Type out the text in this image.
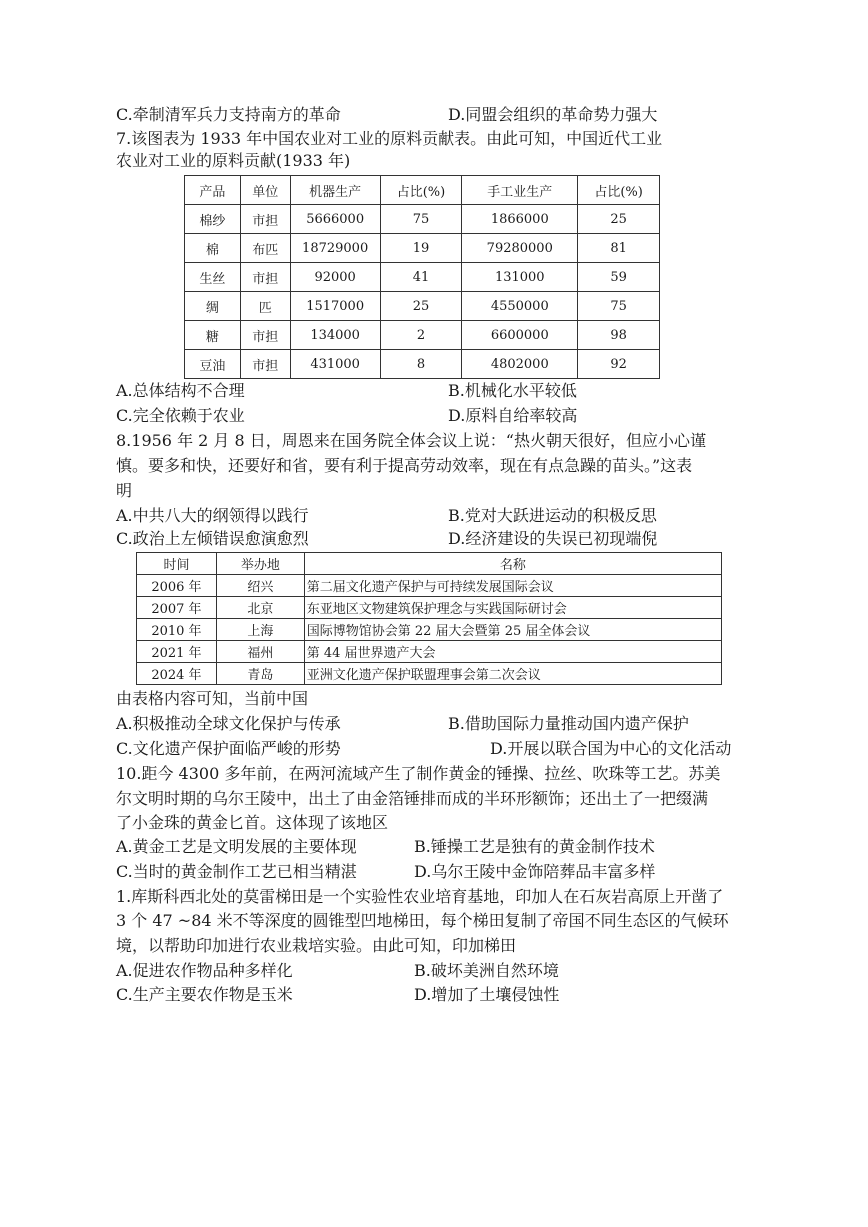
C.牵制清军兵力支持南方的革命	D.同盟会组织的革命势力强大
7.该图表为 1933 年中国农业对工业的原料贡献表。由此可知，中国近代工业农业对工业的原料贡献(1933 年)
产品	单位	机器生产	占比(%)	手工业生产	占比(%)
棉纱	市担	5666000	75	1866000	25
棉	布匹	18729000	19	79280000	81
生丝	市担	92000	41	131000	59
绸	匹	1517000	25	4550000	75
糖	市担	134000	2	6600000	98
豆油	市担	431000	8	4802000	92
A.总体结构不合理	B.机械化水平较低
C.完全依赖于农业	D.原料自给率较高
8.1956 年 2 月 8 日，周恩来在国务院全体会议上说：“热火朝天很好，但应小心谨
慎。要多和快，还要好和省，要有利于提高劳动效率，现在有点急躁的苗头。”这表
明
A.中共八大的纲领得以践行	B.党对大跃进运动的积极反思
C.政治上左倾错误愈演愈烈	D.经济建设的失误已初现端倪
时间	举办地	名称
2006 年	绍兴	第二届文化遗产保护与可持续发展国际会议
2007 年	北京	东亚地区文物建筑保护理念与实践国际研讨会
2010 年	上海	国际博物馆协会第 22 届大会暨第 25 届全体会议
2021 年	福州	第 44 届世界遗产大会
2024 年	青岛	亚洲文化遗产保护联盟理事会第二次会议
由表格内容可知，当前中国
A.积极推动全球文化保护与传承	B.借助国际力量推动国内遗产保护
C.文化遗产保护面临严峻的形势	D.开展以联合国为中心的文化活动
10.距今 4300 多年前，在两河流域产生了制作黄金的锤操、拉丝、吹珠等工艺。苏美
尔文明时期的乌尔王陵中，出土了由金箔锤排而成的半环形额饰；还出土了一把缀满
了小金珠的黄金匕首。这体现了该地区
A.黄金工艺是文明发展的主要体现	B.锤操工艺是独有的黄金制作技术
C.当时的黄金制作工艺已相当精湛	D.乌尔王陵中金饰陪葬品丰富多样
1.库斯科西北处的莫雷梯田是一个实验性农业培育基地，印加人在石灰岩高原上开凿了
3 个 47 ~84 米不等深度的圆锥型凹地梯田，每个梯田复制了帝国不同生态区的气候环
境，以帮助印加进行农业栽培实验。由此可知，印加梯田
A.促进农作物品种多样化	B.破坏美洲自然环境
C.生产主要农作物是玉米	D.增加了土壤侵蚀性
